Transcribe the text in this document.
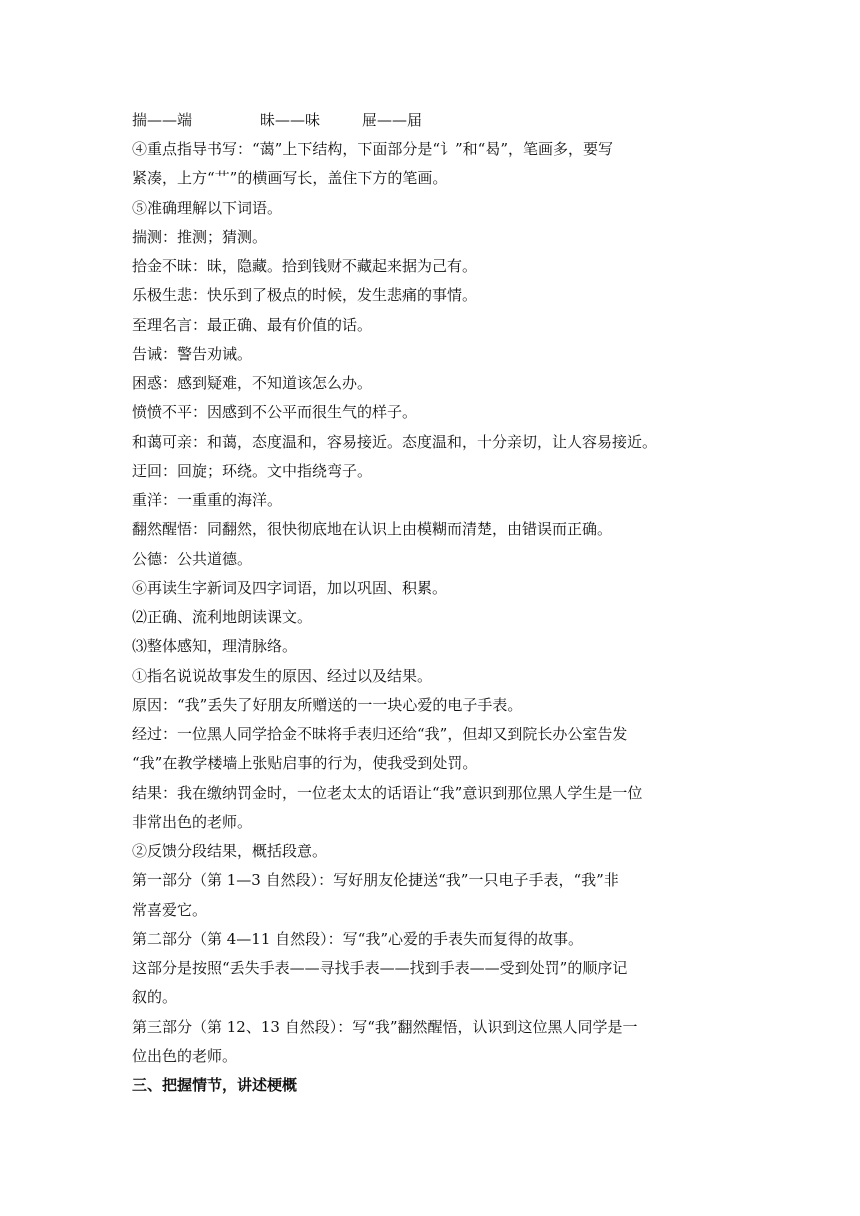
揣——端	昧——味	屉——届
④重点指导书写：“蔼”上下结构，下面部分是“讠”和“曷”，笔画多，要写
紧凑，上方“艹”的横画写长，盖住下方的笔画。
⑤准确理解以下词语。
揣测：推测；猜测。
拾金不昧：昧，隐藏。拾到钱财不藏起来据为己有。
乐极生悲：快乐到了极点的时候，发生悲痛的事情。
至理名言：最正确、最有价值的话。
告诫：警告劝诫。
困惑：感到疑难，不知道该怎么办。
愤愤不平：因感到不公平而很生气的样子。
和蔼可亲：和蔼，态度温和，容易接近。态度温和，十分亲切，让人容易接近。
迂回：回旋；环绕。文中指绕弯子。
重洋：一重重的海洋。
翻然醒悟：同翻然，很快彻底地在认识上由模糊而清楚，由错误而正确。
公德：公共道德。
⑥再读生字新词及四字词语，加以巩固、积累。
⑵正确、流利地朗读课文。
⑶整体感知，理清脉络。
①指名说说故事发生的原因、经过以及结果。
原因：“我”丢失了好朋友所赠送的一一块心爱的电子手表。
经过：一位黑人同学拾金不昧将手表归还给“我”，但却又到院长办公室告发
“我”在教学楼墙上张贴启事的行为，使我受到处罚。
结果：我在缴纳罚金时，一位老太太的话语让“我”意识到那位黑人学生是一位
非常出色的老师。
②反馈分段结果，概括段意。
第一部分（第 1—3 自然段）：写好朋友伦捷送“我”一只电子手表，“我”非
常喜爱它。
第二部分（第 4—11 自然段）：写“我”心爱的手表失而复得的故事。
这部分是按照“丢失手表——寻找手表——找到手表——受到处罚”的顺序记
叙的。
第三部分（第 12、13 自然段）：写“我”翻然醒悟，认识到这位黑人同学是一
位出色的老师。
三、把握情节，讲述梗概
